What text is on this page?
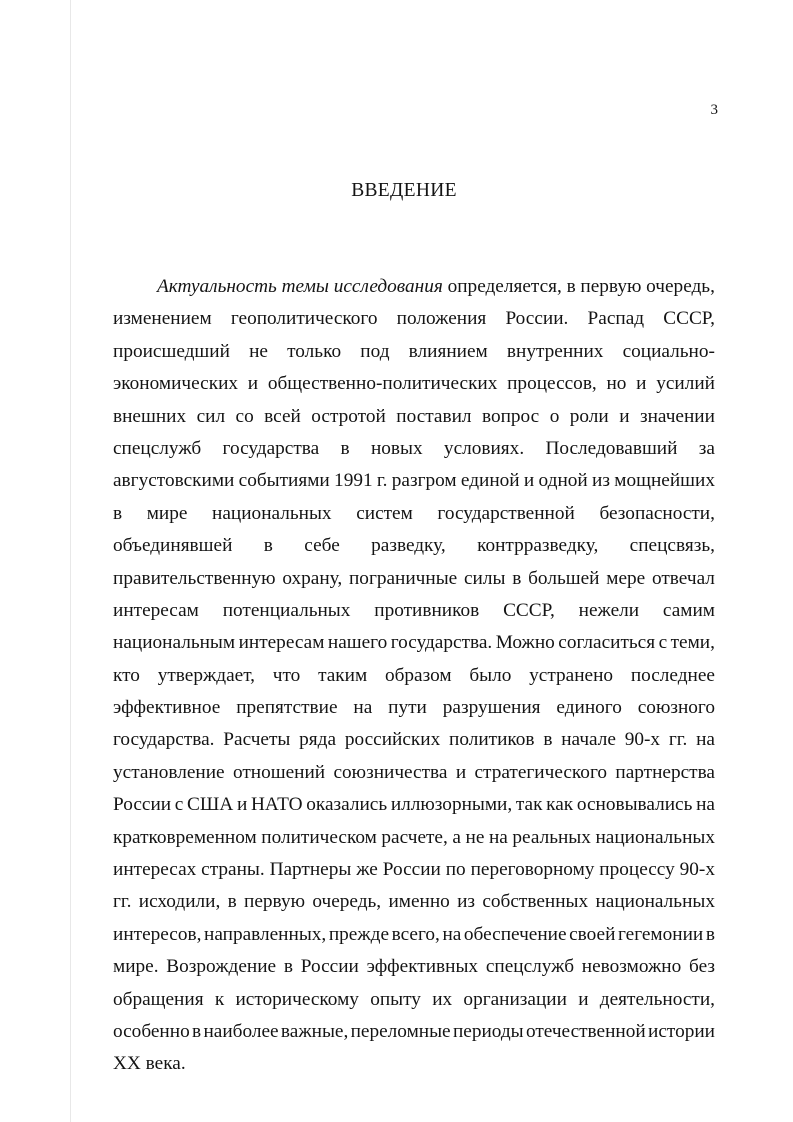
3
ВВЕДЕНИЕ
Актуальность темы исследования определяется, в первую очередь,
изменением геополитического положения России. Распад СССР,
происшедший не только под влиянием внутренних социально-
экономических и общественно-политических процессов, но и усилий
внешних сил со всей остротой поставил вопрос о роли и значении
спецслужб государства в новых условиях. Последовавший за
августовскими событиями 1991 г. разгром единой и одной из мощнейших
в мире национальных систем государственной безопасности,
объединявшей в себе разведку, контрразведку, спецсвязь,
правительственную охрану, пограничные силы в большей мере отвечал
интересам потенциальных противников СССР, нежели самим
национальным интересам нашего государства. Можно согласиться с теми,
кто утверждает, что таким образом было устранено последнее
эффективное препятствие на пути разрушения единого союзного
государства. Расчеты ряда российских политиков в начале 90-х гг. на
установление отношений союзничества и стратегического партнерства
России с США и НАТО оказались иллюзорными, так как основывались на
кратковременном политическом расчете, а не на реальных национальных
интересах страны. Партнеры же России по переговорному процессу 90-х
гг. исходили, в первую очередь, именно из собственных национальных
интересов, направленных, прежде всего, на обеспечение своей гегемонии в
мире. Возрождение в России эффективных спецслужб невозможно без
обращения к историческому опыту их организации и деятельности,
особенно в наиболее важные, переломные периоды отечественной истории
XX века.
